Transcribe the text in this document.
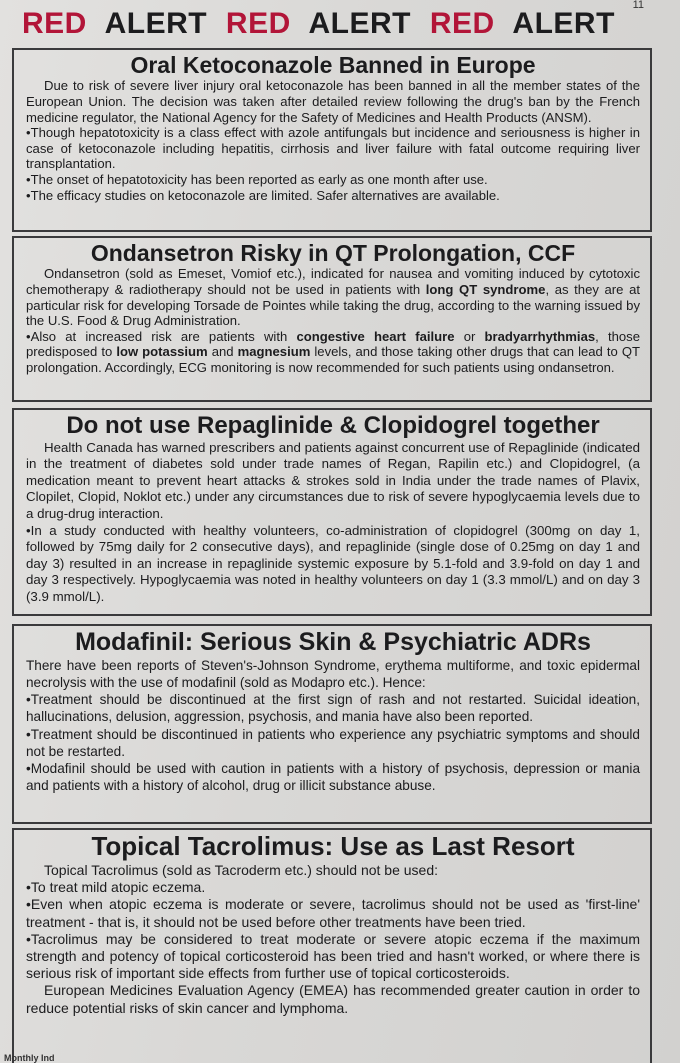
11
RED ALERT RED ALERT RED ALERT
Oral Ketoconazole Banned in Europe

Due to risk of severe liver injury oral ketoconazole has been banned in all the member states of the European Union. The decision was taken after detailed review following the drug's ban by the French medicine regulator, the National Agency for the Safety of Medicines and Health Products (ANSM).

• Though hepatotoxicity is a class effect with azole antifungals but incidence and seriousness is higher in case of ketoconazole including hepatitis, cirrhosis and liver failure with fatal outcome requiring liver transplantation.

• The onset of hepatotoxicity has been reported as early as one month after use.

• The efficacy studies on ketoconazole are limited. Safer alternatives are available.

Ondansetron Risky in QT Prolongation, CCF

Ondansetron (sold as Emeset, Vomiof etc.), indicated for nausea and vomiting induced by cytotoxic chemotherapy & radiotherapy should not be used in patients with long QT syndrome, as they are at particular risk for developing Torsade de Pointes while taking the drug, according to the warning issued by the U.S. Food & Drug Administration.

• Also at increased risk are patients with congestive heart failure or bradyarrhythmias, those predisposed to low potassium and magnesium levels, and those taking other drugs that can lead to QT prolongation. Accordingly, ECG monitoring is now recommended for such patients using ondansetron.

Do not use Repaglinide & Clopidogrel together

Health Canada has warned prescribers and patients against concurrent use of Repaglinide (indicated in the treatment of diabetes sold under trade names of Regan, Rapilin etc.) and Clopidogrel, (a medication meant to prevent heart attacks & strokes sold in India under the trade names of Plavix, Clopilet, Clopid, Noklot etc.) under any circumstances due to risk of severe hypoglycaemia levels due to a drug-drug interaction.

• In a study conducted with healthy volunteers, co-administration of clopidogrel (300mg on day 1, followed by 75mg daily for 2 consecutive days), and repaglinide (single dose of 0.25mg on day 1 and day 3) resulted in an increase in repaglinide systemic exposure by 5.1-fold and 3.9-fold on day 1 and day 3 respectively. Hypoglycaemia was noted in healthy volunteers on day 1 (3.3 mmol/L) and on day 3 (3.9 mmol/L).

Modafinil: Serious Skin & Psychiatric ADRs

There have been reports of Steven's-Johnson Syndrome, erythema multiforme, and toxic epidermal necrolysis with the use of modafinil (sold as Modapro etc.). Hence:

• Treatment should be discontinued at the first sign of rash and not restarted. Suicidal ideation, hallucinations, delusion, aggression, psychosis, and mania have also been reported.

• Treatment should be discontinued in patients who experience any psychiatric symptoms and should not be restarted.

• Modafinil should be used with caution in patients with a history of psychosis, depression or mania and patients with a history of alcohol, drug or illicit substance abuse.

Topical Tacrolimus: Use as Last Resort

Topical Tacrolimus (sold as Tacroderm etc.) should not be used:

• To treat mild atopic eczema.

• Even when atopic eczema is moderate or severe, tacrolimus should not be used as 'first-line' treatment - that is, it should not be used before other treatments have been tried.

• Tacrolimus may be considered to treat moderate or severe atopic eczema if the maximum strength and potency of topical corticosteroid has been tried and hasn't worked, or where there is serious risk of important side effects from further use of topical corticosteroids.

European Medicines Evaluation Agency (EMEA) has recommended greater caution in order to reduce potential risks of skin cancer and lymphoma.

Monthly Ind
